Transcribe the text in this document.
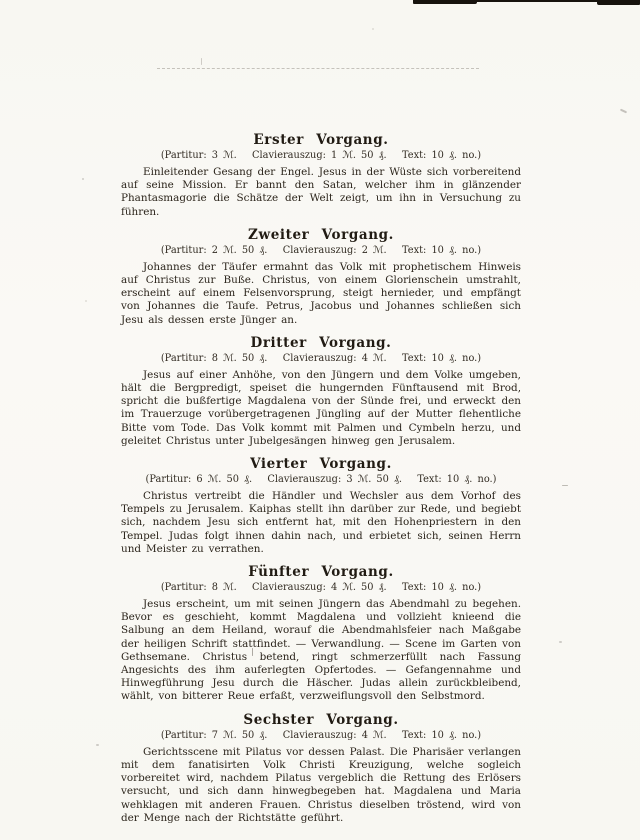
Erster Vorgang.

(Partitur: 3 ℳ.   Clavierauszug: 1 ℳ. 50 ₰.   Text: 10 ₰. no.)

Einleitender Gesang der Engel. Jesus in der Wüste sich vorbereitend auf seine Mission. Er bannt den Satan, welcher ihm in glänzender Phantasmagorie die Schätze der Welt zeigt, um ihn in Versuchung zu führen.

Zweiter Vorgang.

(Partitur: 2 ℳ. 50 ₰.   Clavierauszug: 2 ℳ.   Text: 10 ₰. no.)

Johannes der Täufer ermahnt das Volk mit prophetischem Hinweis auf Christus zur Buße. Christus, von einem Glorienschein umstrahlt, erscheint auf einem Felsenvorsprung, steigt hernieder, und empfängt von Johannes die Taufe. Petrus, Jacobus und Johannes schließen sich Jesu als dessen erste Jünger an.

Dritter Vorgang.

(Partitur: 8 ℳ. 50 ₰.   Clavierauszug: 4 ℳ.   Text: 10 ₰. no.)

Jesus auf einer Anhöhe, von den Jüngern und dem Volke umgeben, hält die Bergpredigt, speiset die hungernden Fünftausend mit Brod, spricht die bußfertige Magdalena von der Sünde frei, und erweckt den im Trauerzuge vorübergetragenen Jüngling auf der Mutter flehentliche Bitte vom Tode. Das Volk kommt mit Palmen und Cymbeln herzu, und geleitet Christus unter Jubelgesängen hinweg gen Jerusalem.

Vierter Vorgang.

(Partitur: 6 ℳ. 50 ₰.   Clavierauszug: 3 ℳ. 50 ₰.   Text: 10 ₰. no.)

Christus vertreibt die Händler und Wechsler aus dem Vorhof des Tempels zu Jerusalem. Kaiphas stellt ihn darüber zur Rede, und begiebt sich, nachdem Jesu sich entfernt hat, mit den Hohenpriestern in den Tempel. Judas folgt ihnen dahin nach, und erbietet sich, seinen Herrn und Meister zu verrathen.

Fünfter Vorgang.

(Partitur: 8 ℳ.   Clavierauszug: 4 ℳ. 50 ₰.   Text: 10 ₰. no.)

Jesus erscheint, um mit seinen Jüngern das Abendmahl zu begehen. Bevor es geschieht, kommt Magdalena und vollzieht knieend die Salbung an dem Heiland, worauf die Abendmahlsfeier nach Maßgabe der heiligen Schrift stattfindet. — Verwandlung. — Scene im Garten von Gethsemane. Christus betend, ringt schmerzerfüllt nach Fassung Angesichts des ihm auferlegten Opfertodes. — Gefangennahme und Hinwegführung Jesu durch die Häscher. Judas allein zurückbleibend, wählt, von bitterer Reue erfaßt, verzweiflungsvoll den Selbstmord.

Sechster Vorgang.

(Partitur: 7 ℳ. 50 ₰.   Clavierauszug: 4 ℳ.   Text: 10 ₰. no.)

Gerichtsscene mit Pilatus vor dessen Palast. Die Pharisäer verlangen mit dem fanatisirten Volk Christi Kreuzigung, welche sogleich vorbereitet wird, nachdem Pilatus vergeblich die Rettung des Erlösers versucht, und sich dann hinwegbegeben hat. Magdalena und Maria wehklagen mit anderen Frauen. Christus dieselben tröstend, wird von der Menge nach der Richtstätte geführt.
